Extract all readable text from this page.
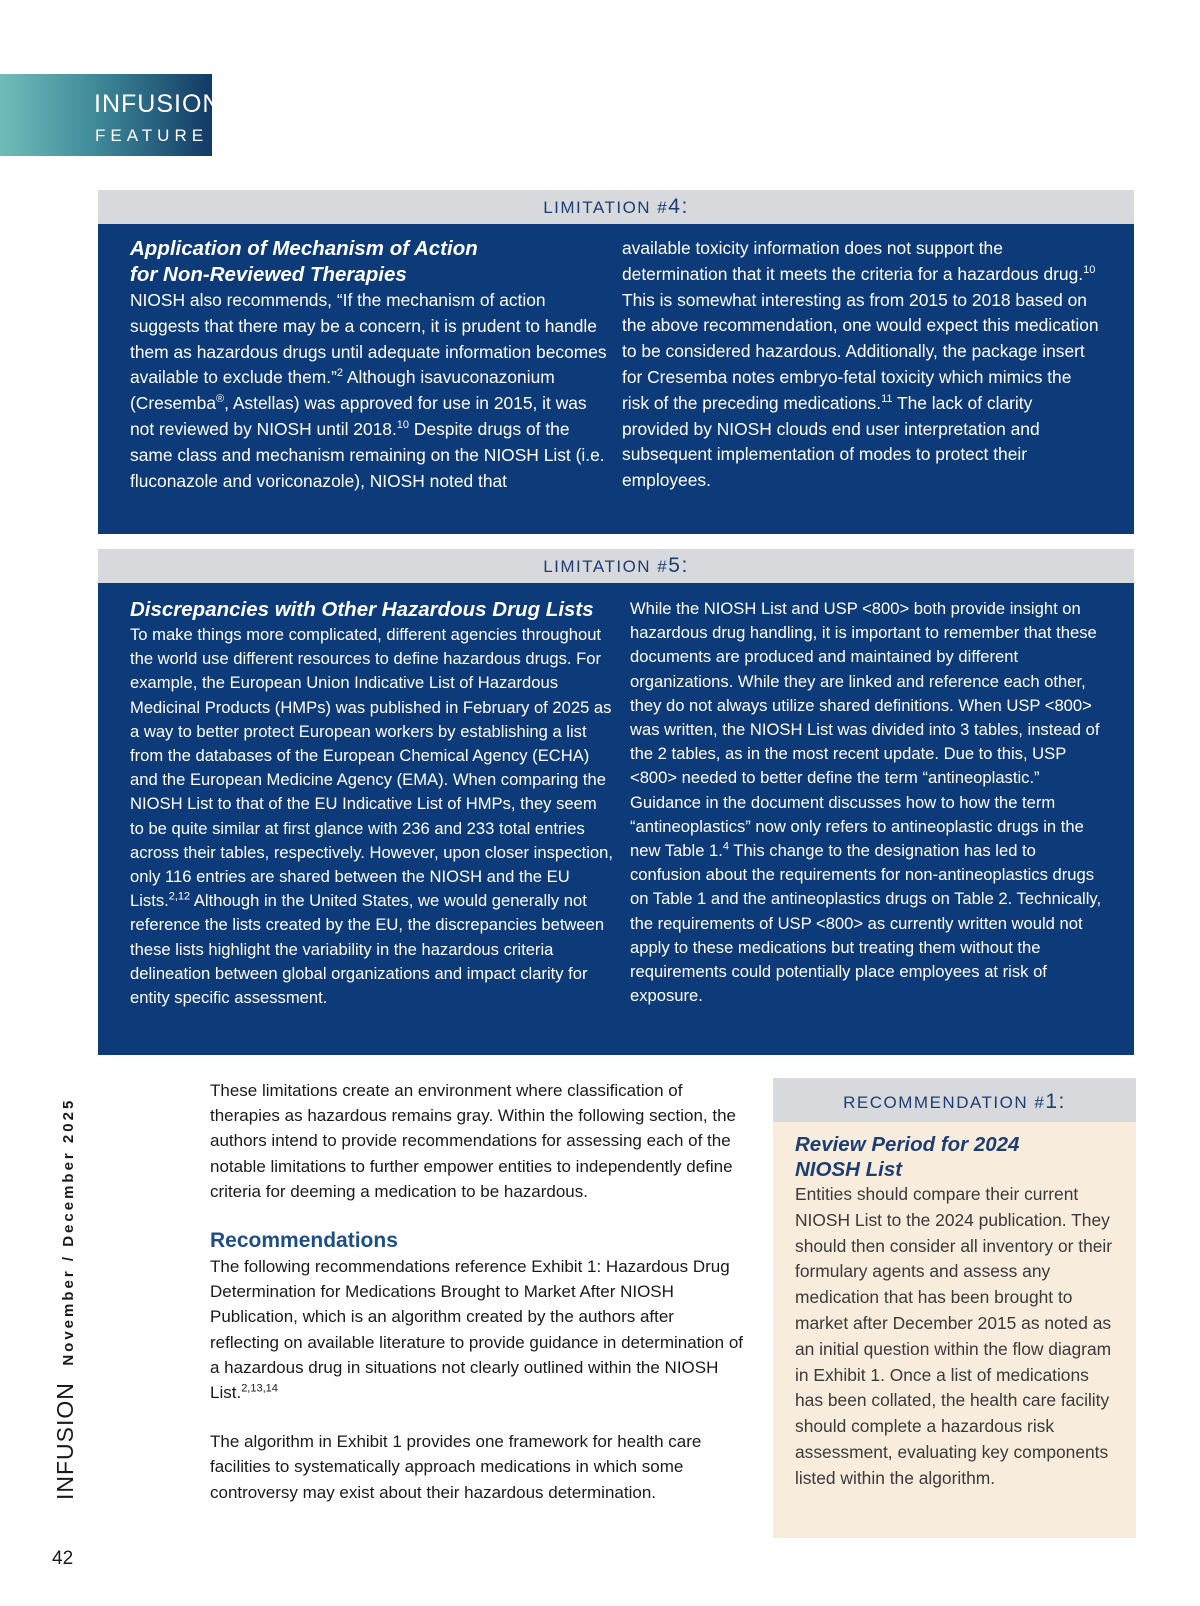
INFUSION
FEATURE
LIMITATION #4:
Application of Mechanism of Action
for Non-Reviewed Therapies

NIOSH also recommends, “If the mechanism of action suggests that there may be a concern, it is prudent to handle them as hazardous drugs until adequate information becomes available to exclude them.”$^2$ Although isavuconazonium (Cresemba®, Astellas) was approved for use in 2015, it was not reviewed by NIOSH until 2018.10 Despite drugs of the same class and mechanism remaining on the NIOSH List (i.e. fluconazole and voriconazole), NIOSH noted that

available toxicity information does not support the determination that it meets the criteria for a hazardous drug.$^{10}$ This is somewhat interesting as from 2015 to 2018 based on the above recommendation, one would expect this medication to be considered hazardous. Additionally, the package insert for Cresemba notes embryo-fetal toxicity which mimics the risk of the preceding medications.$^{11}$ The lack of clarity provided by NIOSH clouds end user interpretation and subsequent implementation of modes to protect their employees.

LIMITATION #5:
Discrepancies with Other Hazardous Drug Lists

To make things more complicated, different agencies throughout the world use different resources to define hazardous drugs. For example, the European Union Indicative List of Hazardous Medicinal Products (HMPs) was published in February of 2025 as a way to better protect European workers by establishing a list from the databases of the European Chemical Agency (ECHA) and the European Medicine Agency (EMA). When comparing the NIOSH List to that of the EU Indicative List of HMPs, they seem to be quite similar at first glance with 236 and 233 total entries across their tables, respectively. However, upon closer inspection, only 116 entries are shared between the NIOSH and the EU Lists.$^{2,12}$ Although in the United States, we would generally not reference the lists created by the EU, the discrepancies between these lists highlight the variability in the hazardous criteria delineation between global organizations and impact clarity for entity specific assessment.

While the NIOSH List and USP <800> both provide insight on hazardous drug handling, it is important to remember that these documents are produced and maintained by different organizations. While they are linked and reference each other, they do not always utilize shared definitions. When USP <800> was written, the NIOSH List was divided into 3 tables, instead of the 2 tables, as in the most recent update. Due to this, USP <800> needed to better define the term “antineoplastic.” Guidance in the document discusses how to how the term “antineoplastics” now only refers to antineoplastic drugs in the new Table 1.$^4$ This change to the designation has led to confusion about the requirements for non-antineoplastics drugs on Table 1 and the antineoplastics drugs on Table 2. Technically, the requirements of USP <800> as currently written would not apply to these medications but treating them without the requirements could potentially place employees at risk of exposure.

These limitations create an environment where classification of therapies as hazardous remains gray. Within the following section, the authors intend to provide recommendations for assessing each of the notable limitations to further empower entities to independently define criteria for deeming a medication to be hazardous.

Recommendations

The following recommendations reference Exhibit 1: Hazardous Drug Determination for Medications Brought to Market After NIOSH Publication, which is an algorithm created by the authors after reflecting on available literature to provide guidance in determination of a hazardous drug in situations not clearly outlined within the NIOSH List.$^{2,13,14}$

The algorithm in Exhibit 1 provides one framework for health care facilities to systematically approach medications in which some controversy may exist about their hazardous determination.

RECOMMENDATION #1:
Review Period for 2024
NIOSH List

Entities should compare their current NIOSH List to the 2024 publication. They should then consider all inventory or their formulary agents and assess any medication that has been brought to market after December 2015 as noted as an initial question within the flow diagram in Exhibit 1. Once a list of medications has been collated, the health care facility should complete a hazardous risk assessment, evaluating key components listed within the algorithm.

INFUSION November / December 2025
42
